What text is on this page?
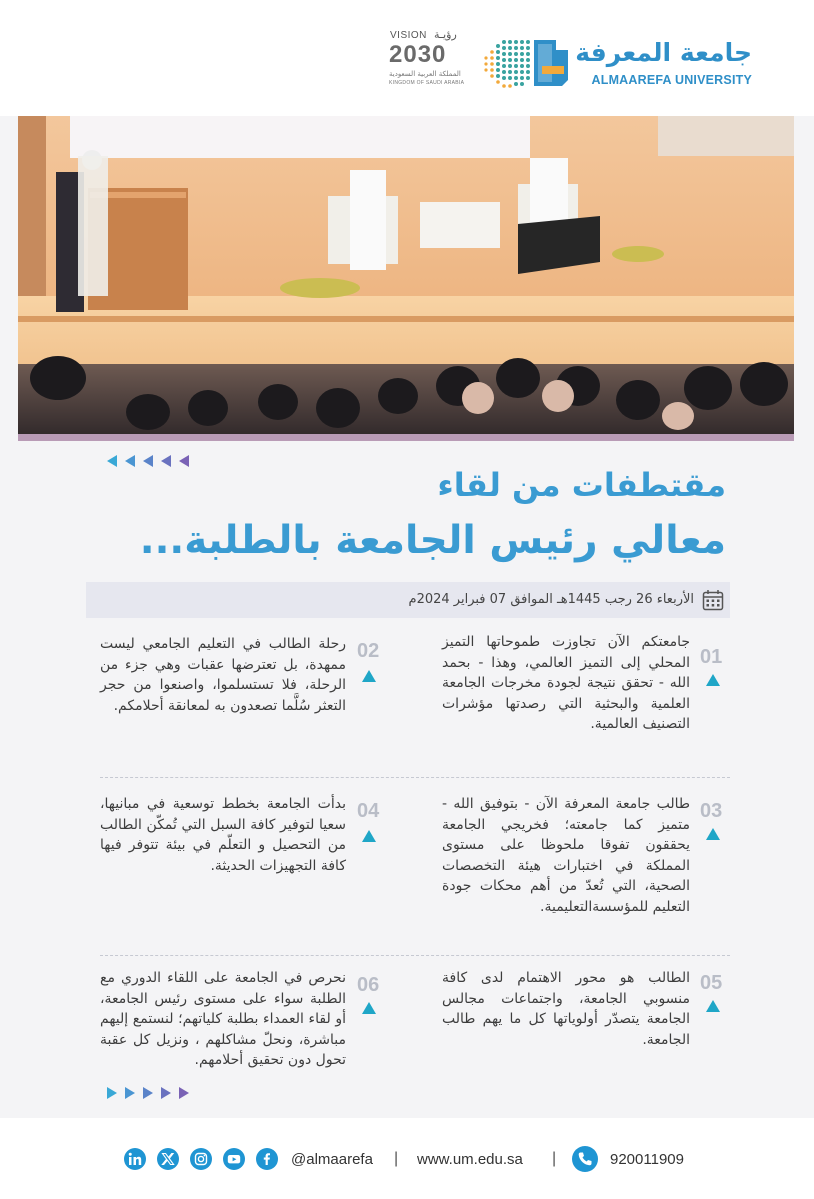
VISION رؤيـة
2030
المملكة العربية السعودية
KINGDOM OF SAUDI ARABIA
جامعة المعرفة
ALMAAREFA UNIVERSITY
مقتطفات من لقاء
معالي رئيس الجامعة بالطلبة...
الأربعاء 26 رجب 1445هـ الموافق 07 فبراير 2024م
01
جامعتكم الآن تجاوزت طموحاتها التميز المحلي إلى التميز العالمي، وهذا - بحمد الله - تحقق نتيجة لجودة مخرجات الجامعة العلمية والبحثية التي رصدتها مؤشرات التصنيف العالمية.
02
رحلة الطالب في التعليم الجامعي ليست ممهدة، بل تعترضها عقبات وهي جزء من الرحلة، فلا تستسلموا، واصنعوا من حجر التعثر سُلَّما تصعدون به لمعانقة أحلامكم.
03
طالب جامعة المعرفة الآن - بتوفيق الله - متميز كما جامعته؛ فخريجي الجامعة يحققون تفوقا ملحوظا على مستوى المملكة في اختبارات هيئة التخصصات الصحية، التي تُعدّ من أهم محكات جودة التعليم للمؤسسةالتعليمية.
04
بدأت الجامعة بخطط توسعية في مبانيها، سعيا لتوفير كافة السبل التي تُمكّن الطالب من التحصيل و التعلّم في بيئة تتوفر فيها كافة التجهيزات الحديثة.
05
الطالب هو محور الاهتمام لدى كافة منسوبي الجامعة، واجتماعات مجالس الجامعة يتصدّر أولوياتها كل ما يهم طالب الجامعة.
06
نحرص في الجامعة على اللقاء الدوري مع الطلبة سواء على مستوى رئيس الجامعة، أو لقاء العمداء بطلبة كلياتهم؛ لنستمع إليهم مباشرة، ونحلّ مشاكلهم ، ونزيل كل عقبة تحول دون تحقيق أحلامهم.
@almaarefa | www.um.edu.sa |	920011909
